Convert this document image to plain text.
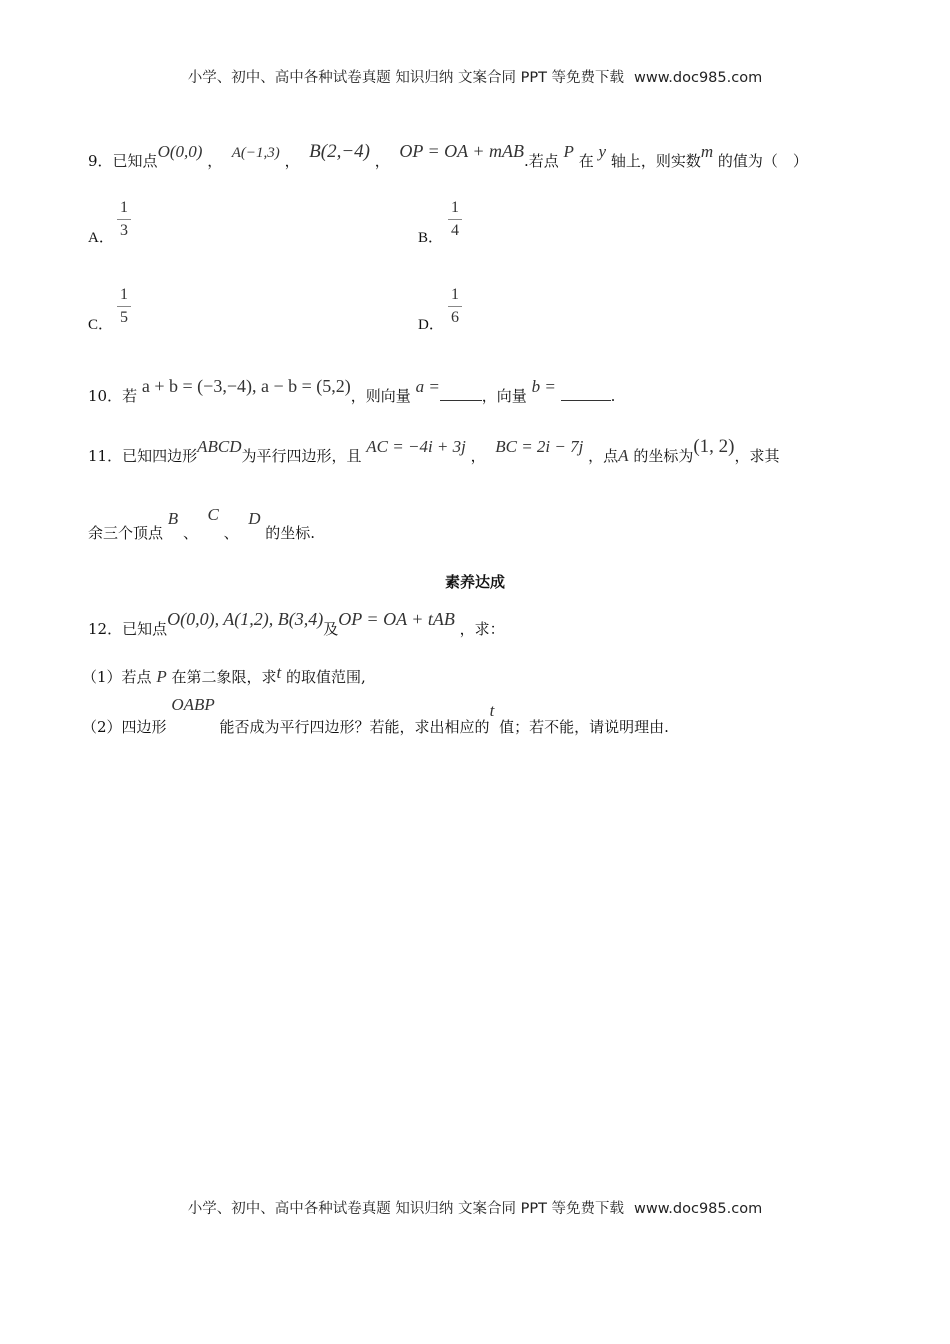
小学、初中、高中各种试卷真题 知识归纳 文案合同 PPT 等免费下载 www.doc985.com
9．已知点O(0,0) ， A(−1,3) ， B(2,−4) ， OP = OA + mAB.若点 P 在 y 轴上，则实数m 的值为（　）
A． $\frac{1}{3}$	B． $\frac{1}{4}$
C． $\frac{1}{5}$	D． $\frac{1}{6}$
10．若 a + b = (−3,−4), a − b = (5,2)，则向量 a =	，向量 b =	.
11．已知四边形ABCD为平行四边形，且 AC = −4i + 3j ， BC = 2i − 7j ，点A 的坐标为(1, 2)，求其
余三个顶点 B 、  C 、  D 的坐标.
素养达成
12．已知点O(0,0), A(1,2), B(3,4)及OP = OA + tAB ，求：
（1）若点 P 在第二象限，求t 的取值范围,
（2）四边形 OABP 能否成为平行四边形？若能，求出相应的t 值；若不能，请说明理由.
小学、初中、高中各种试卷真题 知识归纳 文案合同 PPT 等免费下载 www.doc985.com
